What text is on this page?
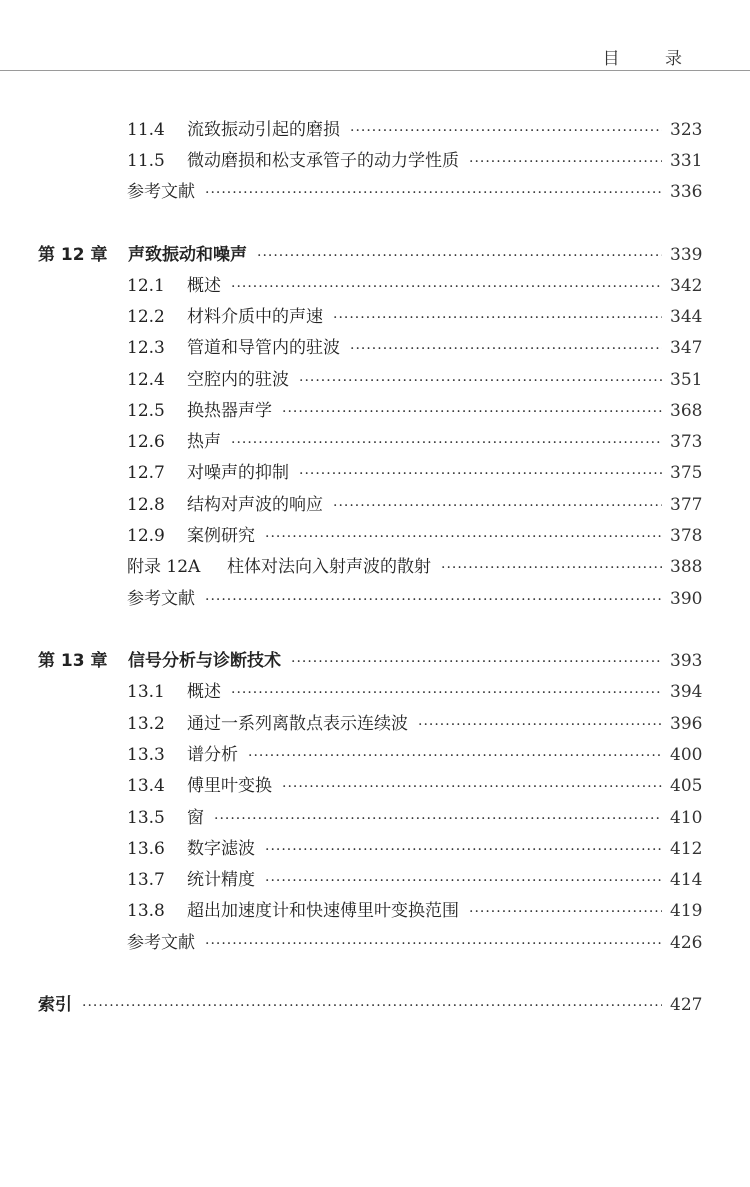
目 录
11.4	流致振动引起的磨损 ·····	323
11.5	微动磨损和松支承管子的动力学性质 ·····	331
参考文献 ·····	336
第 12 章	声致振动和噪声 ·····	339
12.1	概述 ·····	342
12.2	材料介质中的声速 ·····	344
12.3	管道和导管内的驻波 ·····	347
12.4	空腔内的驻波 ·····	351
12.5	换热器声学 ·····	368
12.6	热声 ·····	373
12.7	对噪声的抑制 ·····	375
12.8	结构对声波的响应 ·····	377
12.9	案例研究 ·····	378
附录 12A	柱体对法向入射声波的散射 ·····	388
参考文献 ·····	390
第 13 章	信号分析与诊断技术 ·····	393
13.1	概述 ·····	394
13.2	通过一系列离散点表示连续波 ·····	396
13.3	谱分析 ·····	400
13.4	傅里叶变换 ·····	405
13.5	窗 ·····	410
13.6	数字滤波 ·····	412
13.7	统计精度 ·····	414
13.8	超出加速度计和快速傅里叶变换范围 ·····	419
参考文献 ·····	426
索引 ·····	427
